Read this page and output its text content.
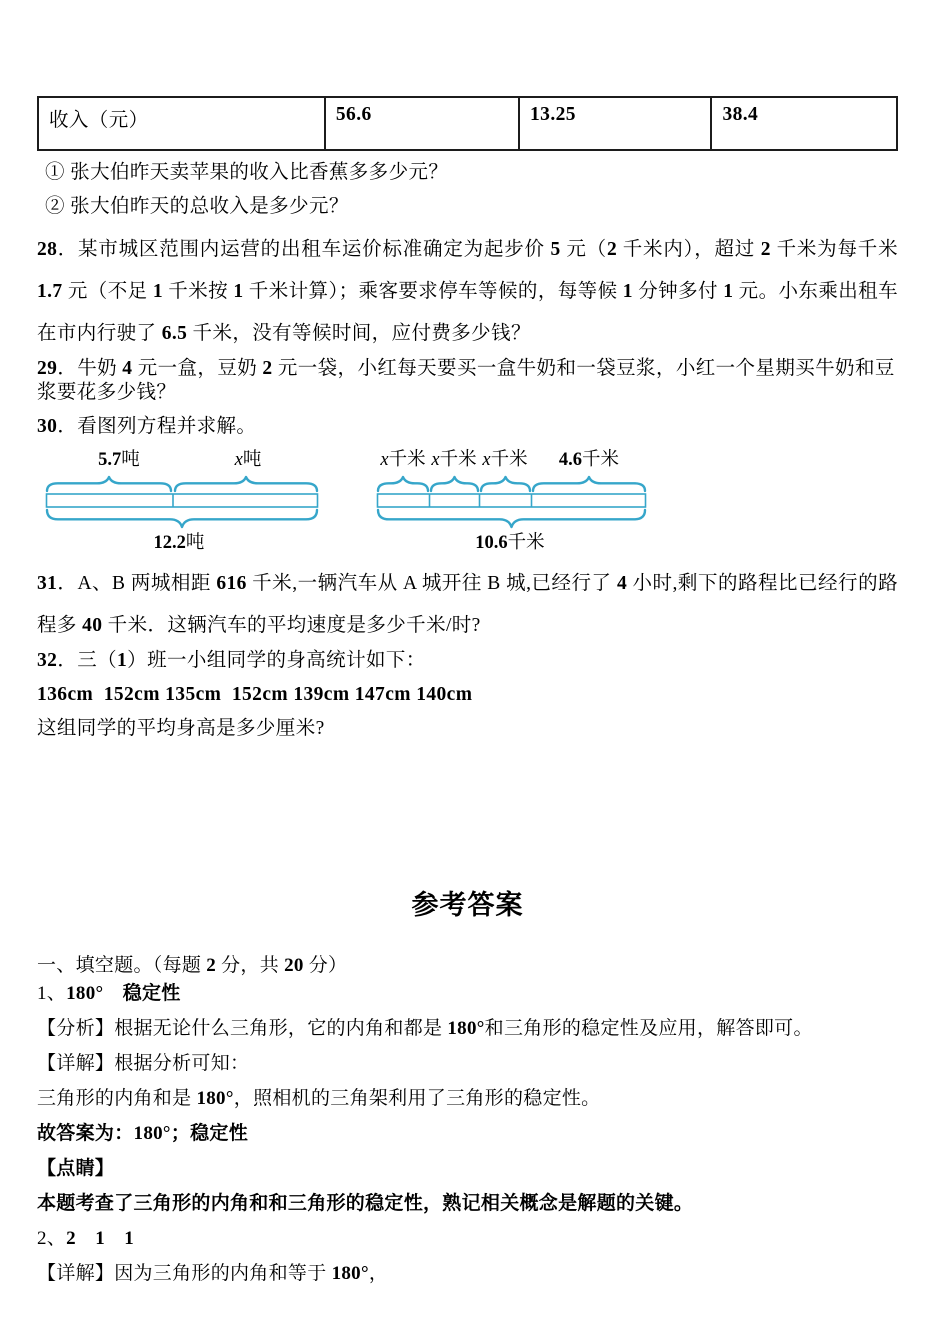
收入（元）	56.6	13.25	38.4

① 张大伯昨天卖苹果的收入比香蕉多多少元？

② 张大伯昨天的总收入是多少元？

28．某市城区范围内运营的出租车运价标准确定为起步价 5 元（2 千米内），超过 2 千米为每千米 1.7 元（不足 1 千米按 1 千米计算）；乘客要求停车等候的，每等候 1 分钟多付 1 元。小东乘出租车在市内行驶了 6.5 千米，没有等候时间，应付费多少钱？

29．牛奶 4 元一盒，豆奶 2 元一袋，小红每天要买一盒牛奶和一袋豆浆，小红一个星期买牛奶和豆浆要花多少钱？

30．看图列方程并求解。

5.7吨	x吨
12.2吨
x千米 x千米 x千米 4.6千米
10.6千米

31．A、B 两城相距 616 千米,一辆汽车从 A 城开往 B 城,已经行了 4 小时,剩下的路程比已经行的路程多 40 千米．这辆汽车的平均速度是多少千米/时?

32．三（1）班一小组同学的身高统计如下：

136cm 152cm 135cm 152cm 139cm 147cm 140cm

这组同学的平均身高是多少厘米?

参考答案

一、填空题。（每题 2 分，共 20 分）

1、180°　稳定性

【分析】根据无论什么三角形，它的内角和都是 180°和三角形的稳定性及应用，解答即可。

【详解】根据分析可知：

三角形的内角和是 180°，照相机的三角架利用了三角形的稳定性。

故答案为：180°；稳定性

【点睛】

本题考查了三角形的内角和和三角形的稳定性，熟记相关概念是解题的关键。

2、2　1　1

【详解】因为三角形的内角和等于 180°，
